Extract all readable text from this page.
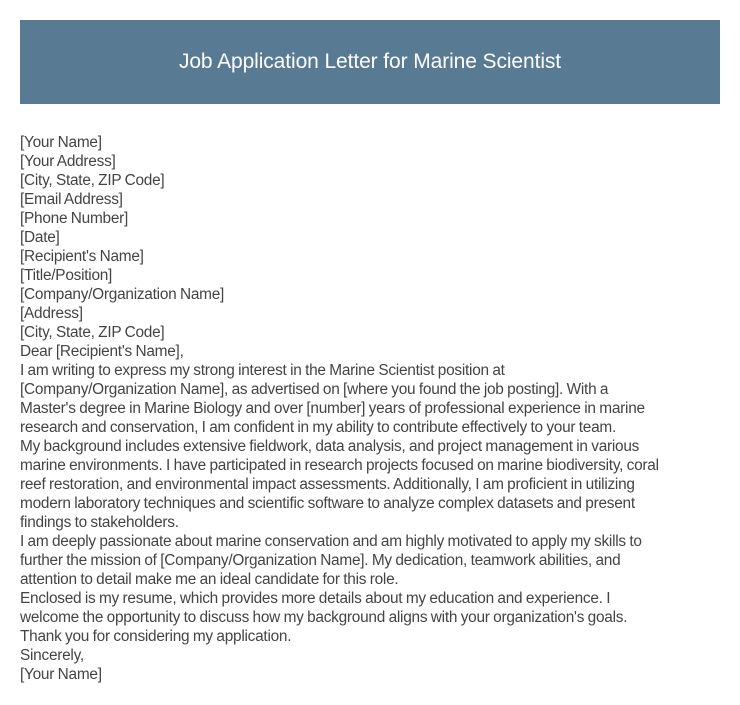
Job Application Letter for Marine Scientist
[Your Name]
[Your Address]
[City, State, ZIP Code]
[Email Address]
[Phone Number]
[Date]
[Recipient's Name]
[Title/Position]
[Company/Organization Name]
[Address]
[City, State, ZIP Code]
Dear [Recipient's Name],
I am writing to express my strong interest in the Marine Scientist position at
[Company/Organization Name], as advertised on [where you found the job posting]. With a
Master's degree in Marine Biology and over [number] years of professional experience in marine
research and conservation, I am confident in my ability to contribute effectively to your team.
My background includes extensive fieldwork, data analysis, and project management in various
marine environments. I have participated in research projects focused on marine biodiversity, coral
reef restoration, and environmental impact assessments. Additionally, I am proficient in utilizing
modern laboratory techniques and scientific software to analyze complex datasets and present
findings to stakeholders.
I am deeply passionate about marine conservation and am highly motivated to apply my skills to
further the mission of [Company/Organization Name]. My dedication, teamwork abilities, and
attention to detail make me an ideal candidate for this role.
Enclosed is my resume, which provides more details about my education and experience. I
welcome the opportunity to discuss how my background aligns with your organization's goals.
Thank you for considering my application.
Sincerely,
[Your Name]
